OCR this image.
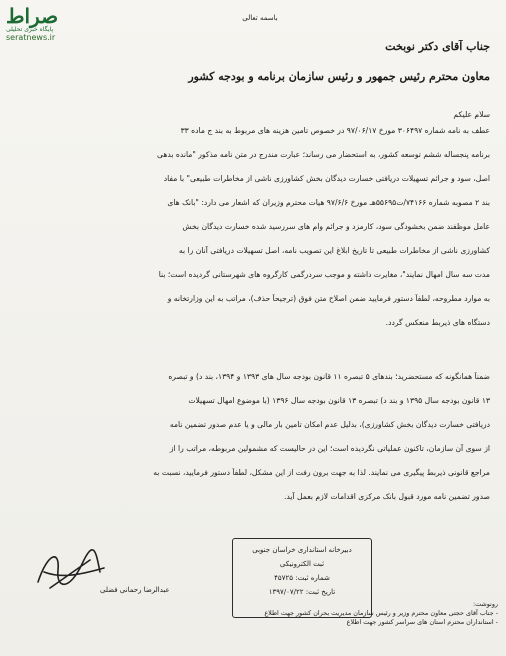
صراط
پایگاه خبری تحلیلی
seratnews.ir
باسمه تعالی
جناب آقای دکتر نوبخت
معاون محترم رئیس جمهور و رئیس سازمان برنامه و بودجه کشور
سلام علیکم
عطف به نامه شماره ۳۰۶۴۹۷ مورخ ۹۷/۰۶/۱۷ در خصوص تامین هزینه های مربوط به بند ج ماده ۳۳
برنامه پنجساله ششم توسعه کشور، به استحضار می رساند؛ عبارت مندرج در متن نامه مذکور "مانده بدهی
اصل، سود و جرائم تسهیلات دریافتی خسارت دیدگان بخش کشاورزی ناشی از مخاطرات طبیعی" با مفاد
بند ۲ مصوبه شماره ۷۴۱۶۶/ت۵۵۶۹۵هـ مورخ ۹۷/۶/۶ هیات محترم وزیران که اشعار می دارد: "بانک های
عامل موظفند ضمن بخشودگی سود، کارمزد و جرائم وام های سررسید شده خسارت دیدگان بخش
کشاورزی ناشی از مخاطرات طبیعی تا تاریخ ابلاغ این تصویب نامه، اصل تسهیلات دریافتی آنان را به
مدت سه سال امهال نمایند"، مغایرت داشته و موجب سردرگمی کارگروه های شهرستانی گردیده است؛ بنا
به موارد مطروحه، لطفاً دستور فرمایید ضمن اصلاح متن فوق (ترجیحاً حذف)، مراتب به این وزارتخانه و
دستگاه های ذیربط منعکس گردد.
ضمناً همانگونه که مستحضرید؛ بندهای ۵ تبصره ۱۱ قانون بودجه سال های ۱۳۹۳ و ۱۳۹۴، بند د) و تبصره
۱۳ قانون بودجه سال ۱۳۹۵ و بند د) تبصره ۱۳ قانون بودجه سال ۱۳۹۶ (با موضوع امهال تسهیلات
دریافتی خسارت دیدگان بخش کشاورزی)، بدلیل عدم امکان تامین بار مالی و یا عدم صدور تضمین نامه
از سوی آن سازمان، تاکنون عملیاتی نگردیده است؛ این در حالیست که مشمولین مربوطه، مراتب را از
مراجع قانونی ذیربط پیگیری می نمایند. لذا به جهت برون رفت از این مشکل، لطفاً دستور فرمایید، نسبت به
صدور تضمین نامه مورد قبول بانک مرکزی اقدامات لازم بعمل آید.
عبدالرضا رحمانی فضلی
دبیرخانه استانداری خراسان جنوبی
ثبت الکترونیکی
شماره ثبت: ۴۵۷۲۵
تاریخ ثبت: ۱۳۹۷/۰۷/۲۲
رونوشت:
- جناب آقای حجتی معاون محترم وزیر و رئیس سازمان مدیریت بحران کشور جهت اطلاع
- استانداران محترم استان های سراسر کشور جهت اطلاع
